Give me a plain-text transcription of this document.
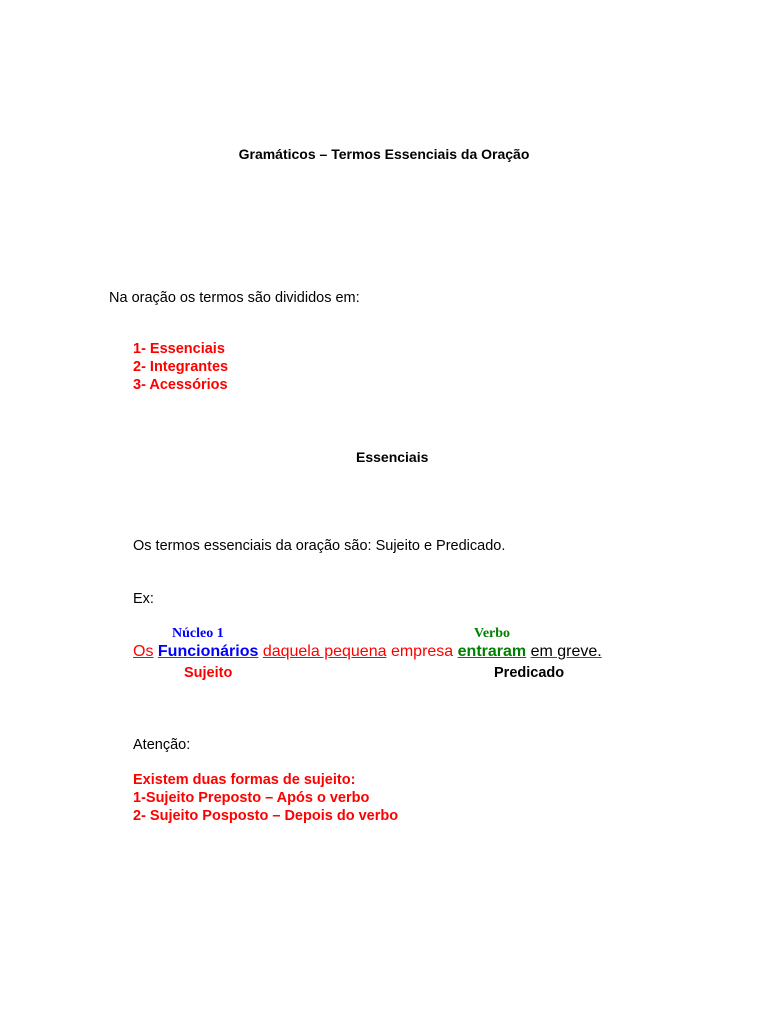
Gramáticos – Termos Essenciais da Oração
Na oração os termos são divididos em:
1- Essenciais
2- Integrantes
3- Acessórios
Essenciais
Os termos essenciais da oração são: Sujeito e Predicado.
Ex:
Núcleo 1	Verbo
Os Funcionários daquela pequena empresa entraram em greve.
Sujeito	Predicado
Atenção:
Existem duas formas de sujeito:
1-Sujeito Preposto – Após o verbo
2- Sujeito Posposto – Depois do verbo
